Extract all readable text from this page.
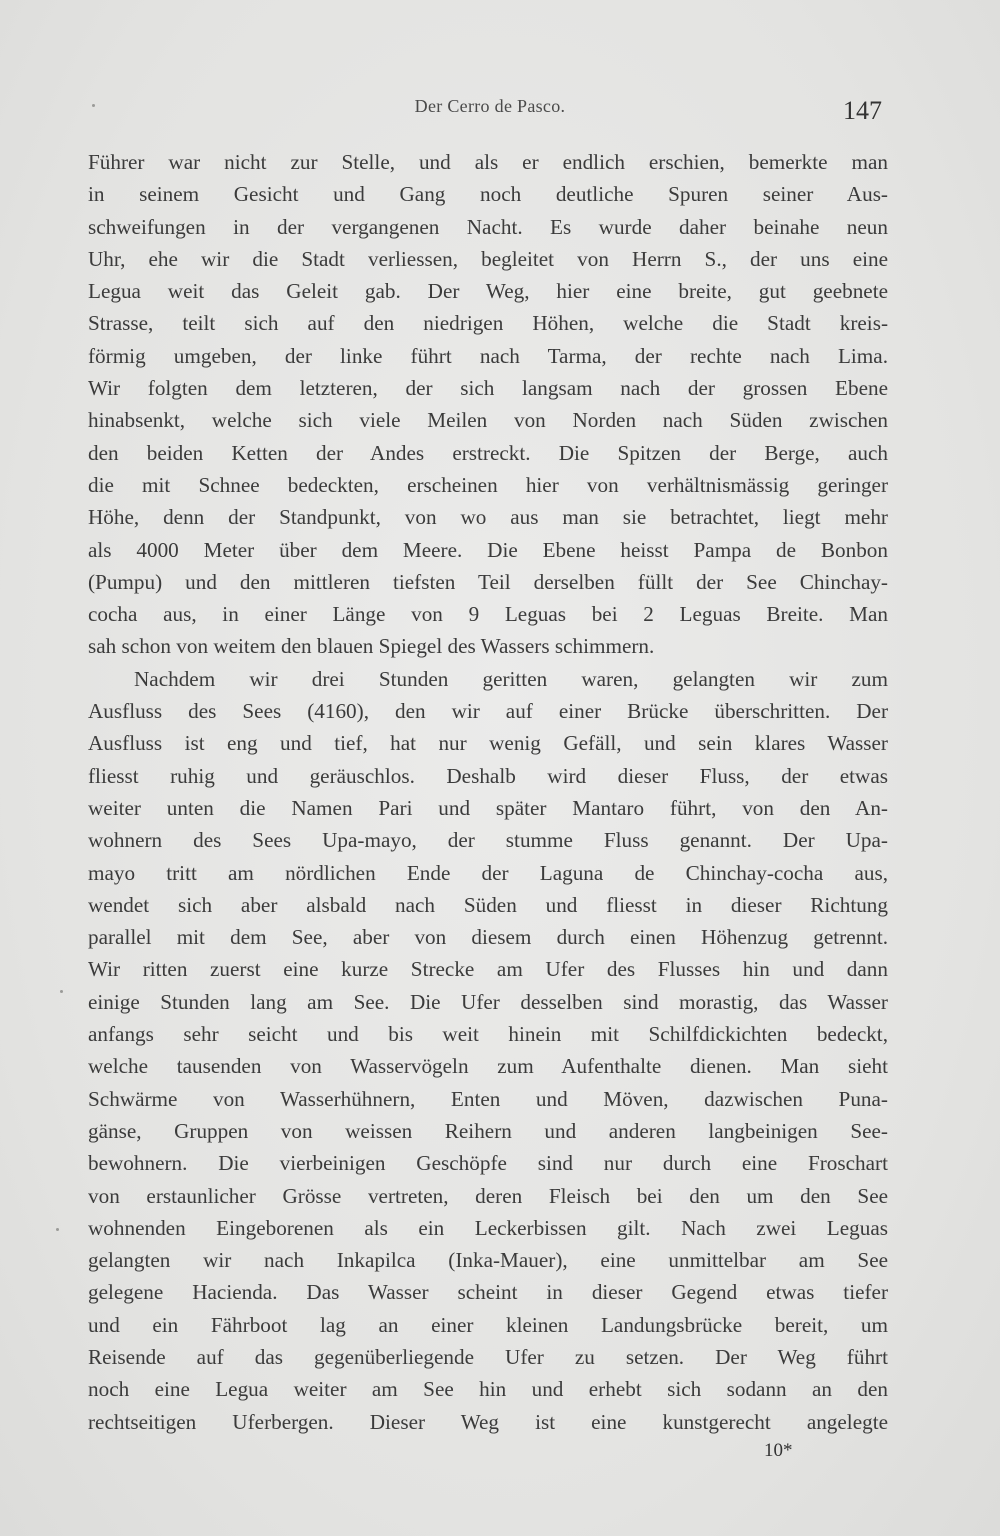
Der Cerro de Pasco.	147
Führer war nicht zur Stelle, und als er endlich erschien, bemerkte man
in seinem Gesicht und Gang noch deutliche Spuren seiner Aus-
schweifungen in der vergangenen Nacht. Es wurde daher beinahe neun
Uhr, ehe wir die Stadt verliessen, begleitet von Herrn S., der uns eine
Legua weit das Geleit gab. Der Weg, hier eine breite, gut geebnete
Strasse, teilt sich auf den niedrigen Höhen, welche die Stadt kreis-
förmig umgeben, der linke führt nach Tarma, der rechte nach Lima.
Wir folgten dem letzteren, der sich langsam nach der grossen Ebene
hinabsenkt, welche sich viele Meilen von Norden nach Süden zwischen
den beiden Ketten der Andes erstreckt. Die Spitzen der Berge, auch
die mit Schnee bedeckten, erscheinen hier von verhältnismässig geringer
Höhe, denn der Standpunkt, von wo aus man sie betrachtet, liegt mehr
als 4000 Meter über dem Meere. Die Ebene heisst Pampa de Bonbon
(Pumpu) und den mittleren tiefsten Teil derselben füllt der See Chinchay-
cocha aus, in einer Länge von 9 Leguas bei 2 Leguas Breite. Man
sah schon von weitem den blauen Spiegel des Wassers schimmern.
Nachdem wir drei Stunden geritten waren, gelangten wir zum
Ausfluss des Sees (4160), den wir auf einer Brücke überschritten. Der
Ausfluss ist eng und tief, hat nur wenig Gefäll, und sein klares Wasser
fliesst ruhig und geräuschlos. Deshalb wird dieser Fluss, der etwas
weiter unten die Namen Pari und später Mantaro führt, von den An-
wohnern des Sees Upa-mayo, der stumme Fluss genannt. Der Upa-
mayo tritt am nördlichen Ende der Laguna de Chinchay-cocha aus,
wendet sich aber alsbald nach Süden und fliesst in dieser Richtung
parallel mit dem See, aber von diesem durch einen Höhenzug getrennt.
Wir ritten zuerst eine kurze Strecke am Ufer des Flusses hin und dann
einige Stunden lang am See. Die Ufer desselben sind morastig, das Wasser
anfangs sehr seicht und bis weit hinein mit Schilfdickichten bedeckt,
welche tausenden von Wasservögeln zum Aufenthalte dienen. Man sieht
Schwärme von Wasserhühnern, Enten und Möven, dazwischen Puna-
gänse, Gruppen von weissen Reihern und anderen langbeinigen See-
bewohnern. Die vierbeinigen Geschöpfe sind nur durch eine Froschart
von erstaunlicher Grösse vertreten, deren Fleisch bei den um den See
wohnenden Eingeborenen als ein Leckerbissen gilt. Nach zwei Leguas
gelangten wir nach Inkapilca (Inka-Mauer), eine unmittelbar am See
gelegene Hacienda. Das Wasser scheint in dieser Gegend etwas tiefer
und ein Fährboot lag an einer kleinen Landungsbrücke bereit, um
Reisende auf das gegenüberliegende Ufer zu setzen. Der Weg führt
noch eine Legua weiter am See hin und erhebt sich sodann an den
rechtseitigen Uferbergen. Dieser Weg ist eine kunstgerecht angelegte
10*
